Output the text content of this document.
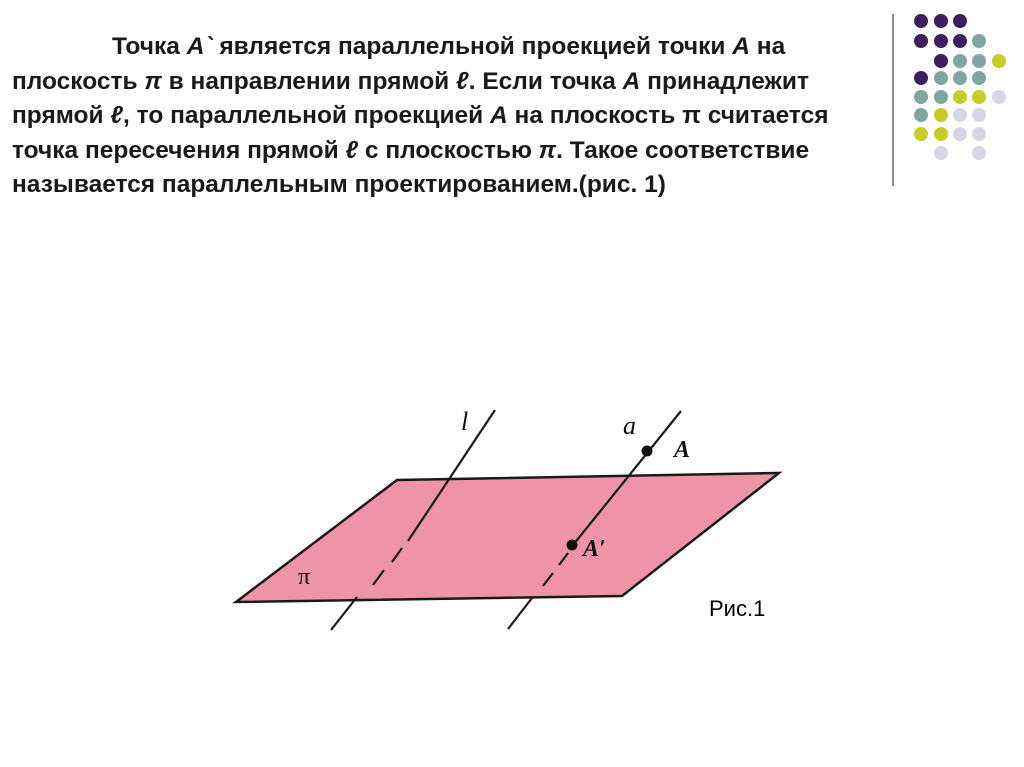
Точка А` является параллельной проекцией точки А на плоскость π в направлении прямой ℓ. Если точка А принадлежит прямой ℓ, то параллельной проекцией А на плоскость π считается точка пересечения прямой ℓ с плоскостью π. Такое соответствие называется параллельным проектированием.(рис. 1)

l	a
A
A′
π

Рис.1
